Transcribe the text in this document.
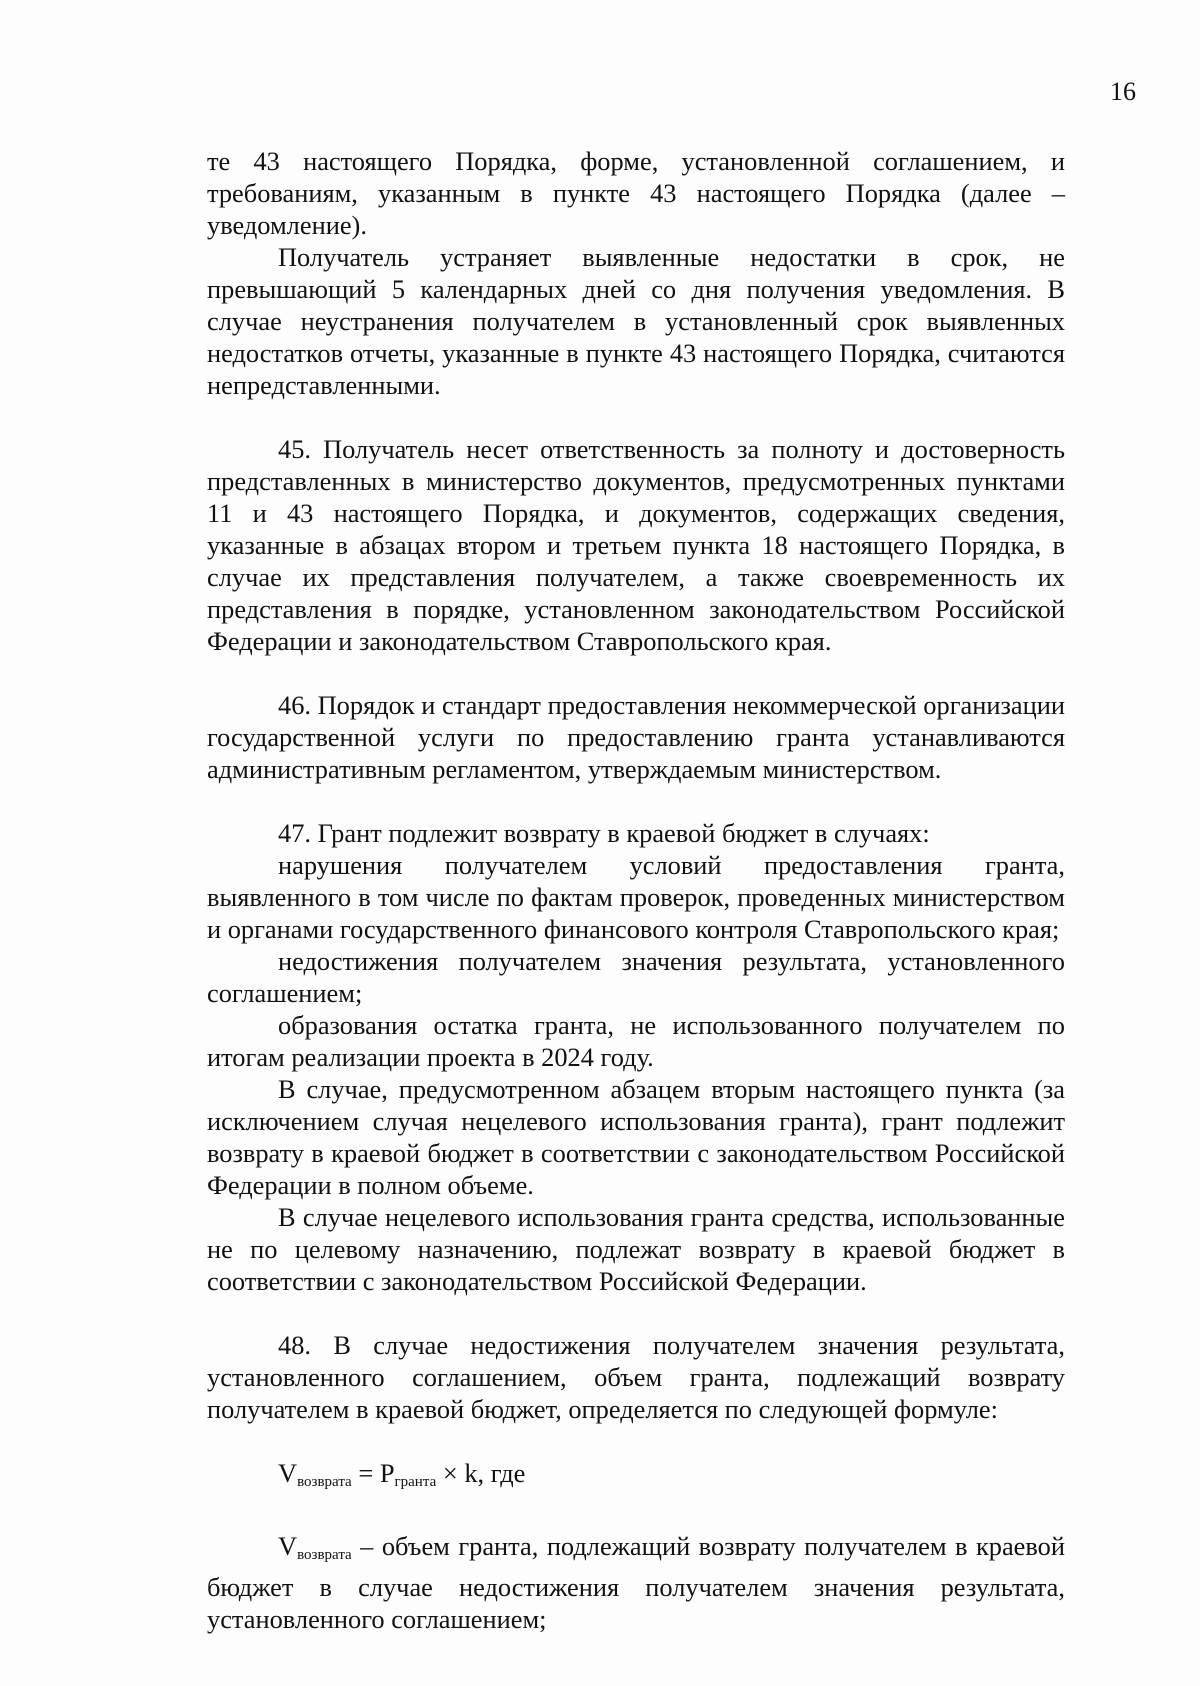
16

те 43 настоящего Порядка, форме, установленной соглашением, и требованиям, указанным в пункте 43 настоящего Порядка (далее – уведомление).

Получатель устраняет выявленные недостатки в срок, не превышающий 5 календарных дней со дня получения уведомления. В случае неустранения получателем в установленный срок выявленных недостатков отчеты, указанные в пункте 43 настоящего Порядка, считаются непредставленными.

45. Получатель несет ответственность за полноту и достоверность представленных в министерство документов, предусмотренных пунктами 11 и 43 настоящего Порядка, и документов, содержащих сведения, указанные в абзацах втором и третьем пункта 18 настоящего Порядка, в случае их представления получателем, а также своевременность их представления в порядке, установленном законодательством Российской Федерации и законодательством Ставропольского края.

46. Порядок и стандарт предоставления некоммерческой организации государственной услуги по предоставлению гранта устанавливаются административным регламентом, утверждаемым министерством.

47. Грант подлежит возврату в краевой бюджет в случаях:

нарушения получателем условий предоставления гранта, выявленного в том числе по фактам проверок, проведенных министерством и органами государственного финансового контроля Ставропольского края;

недостижения получателем значения результата, установленного соглашением;

образования остатка гранта, не использованного получателем по итогам реализации проекта в 2024 году.

В случае, предусмотренном абзацем вторым настоящего пункта (за исключением случая нецелевого использования гранта), грант подлежит возврату в краевой бюджет в соответствии с законодательством Российской Федерации в полном объеме.

В случае нецелевого использования гранта средства, использованные не по целевому назначению, подлежат возврату в краевой бюджет в соответствии с законодательством Российской Федерации.

48. В случае недостижения получателем значения результата, установленного соглашением, объем гранта, подлежащий возврату получателем в краевой бюджет, определяется по следующей формуле:

$V_{возврата} = P_{гранта} \times k$, где

$V_{возврата}$ – объем гранта, подлежащий возврату получателем в краевой бюджет в случае недостижения получателем значения результата, установленного соглашением;
